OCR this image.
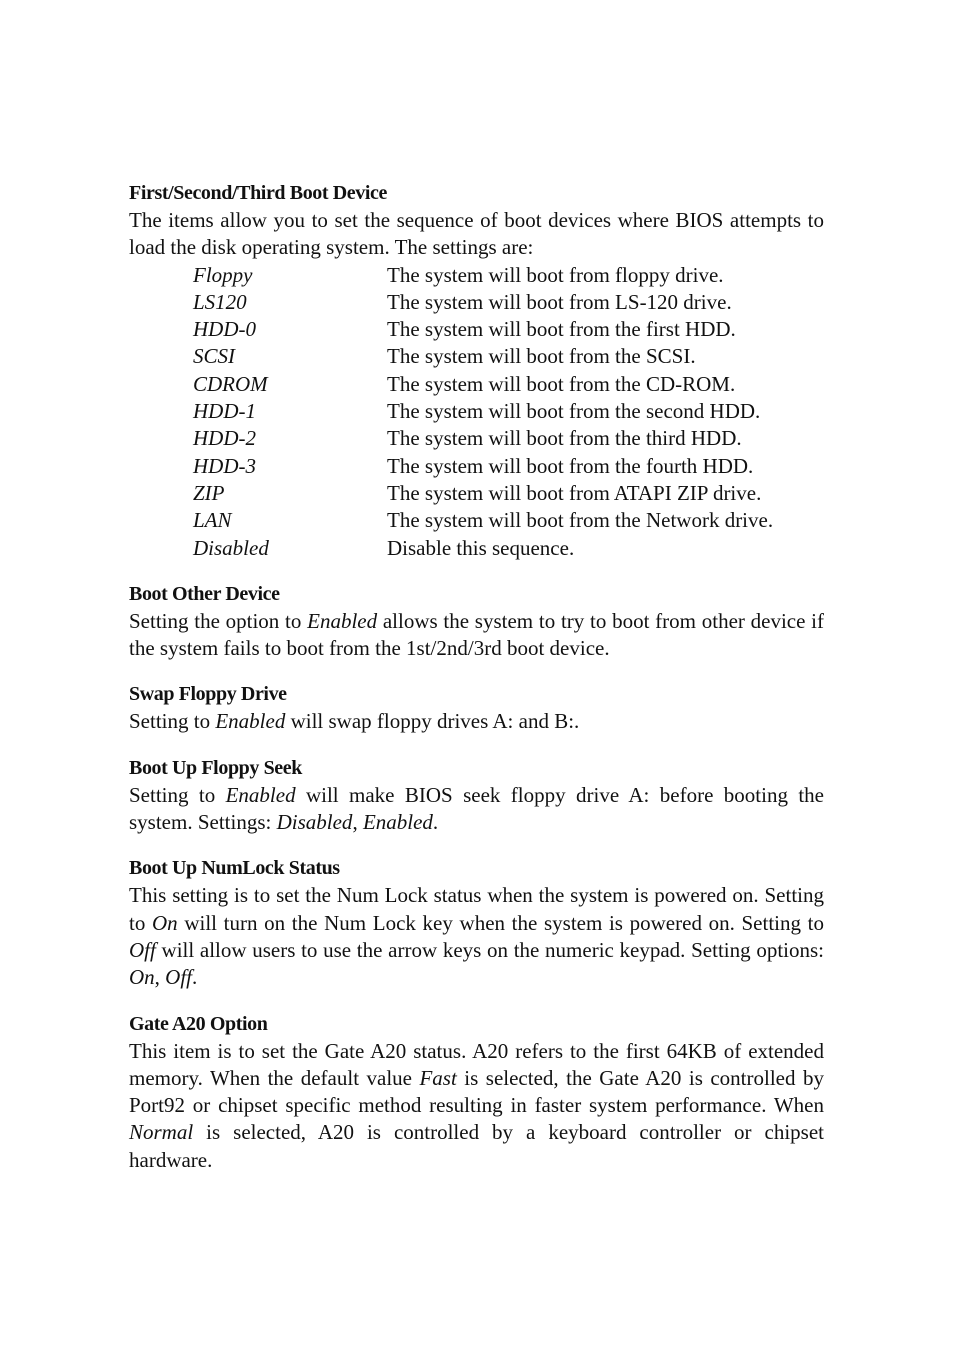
First/Second/Third Boot Device

The items allow you to set the sequence of boot devices where BIOS attempts to load the disk operating system. The settings are:

Floppy	The system will boot from floppy drive.
LS120	The system will boot from LS-120 drive.
HDD-0	The system will boot from the first HDD.
SCSI	The system will boot from the SCSI.
CDROM	The system will boot from the CD-ROM.
HDD-1	The system will boot from the second HDD.
HDD-2	The system will boot from the third HDD.
HDD-3	The system will boot from the fourth HDD.
ZIP	The system will boot from ATAPI ZIP drive.
LAN	The system will boot from the Network drive.
Disabled	Disable this sequence.

Boot Other Device

Setting the option to Enabled allows the system to try to boot from other device if the system fails to boot from the 1st/2nd/3rd boot device.

Swap Floppy Drive

Setting to Enabled will swap floppy drives A: and B:.

Boot Up Floppy Seek

Setting to Enabled will make BIOS seek floppy drive A: before booting the system. Settings: Disabled, Enabled.

Boot Up NumLock Status

This setting is to set the Num Lock status when the system is powered on. Setting to On will turn on the Num Lock key when the system is powered on. Setting to Off will allow users to use the arrow keys on the numeric keypad. Setting options: On, Off.

Gate A20 Option

This item is to set the Gate A20 status. A20 refers to the first 64KB of extended memory. When the default value Fast is selected, the Gate A20 is controlled by Port92 or chipset specific method resulting in faster system performance. When Normal is selected, A20 is controlled by a keyboard controller or chipset hardware.
